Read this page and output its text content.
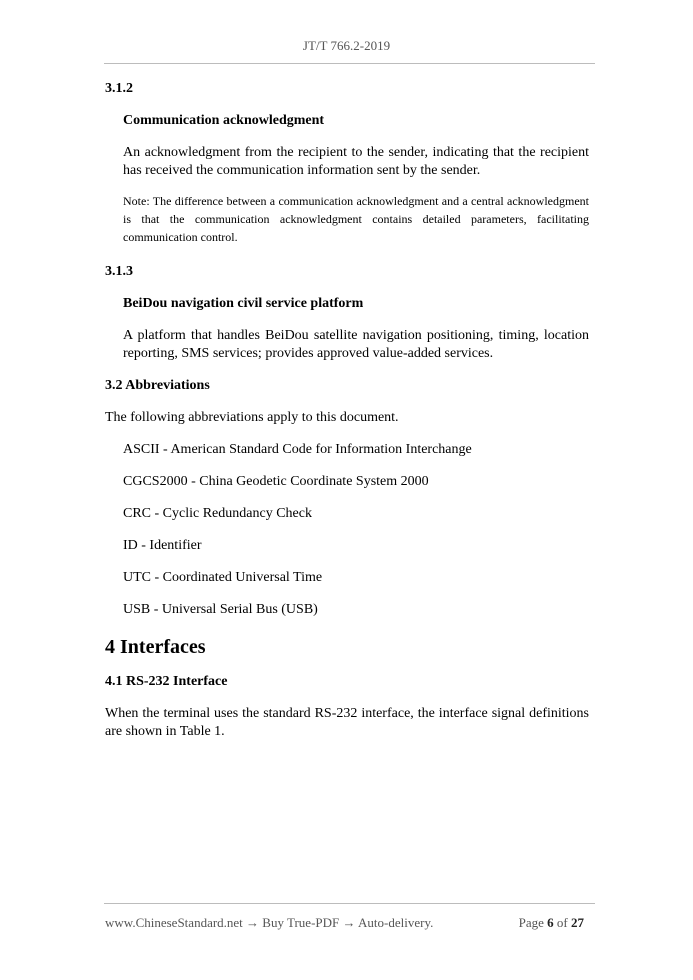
JT/T 766.2-2019
3.1.2
Communication acknowledgment
An acknowledgment from the recipient to the sender, indicating that the recipient has received the communication information sent by the sender.
Note: The difference between a communication acknowledgment and a central acknowledgment is that the communication acknowledgment contains detailed parameters, facilitating communication control.
3.1.3
BeiDou navigation civil service platform
A platform that handles BeiDou satellite navigation positioning, timing, location reporting, SMS services; provides approved value-added services.
3.2 Abbreviations
The following abbreviations apply to this document.
ASCII - American Standard Code for Information Interchange
CGCS2000 - China Geodetic Coordinate System 2000
CRC - Cyclic Redundancy Check
ID - Identifier
UTC - Coordinated Universal Time
USB - Universal Serial Bus (USB)
4 Interfaces
4.1 RS-232 Interface
When the terminal uses the standard RS-232 interface, the interface signal definitions are shown in Table 1.
www.ChineseStandard.net → Buy True-PDF → Auto-delivery.	Page 6 of 27
